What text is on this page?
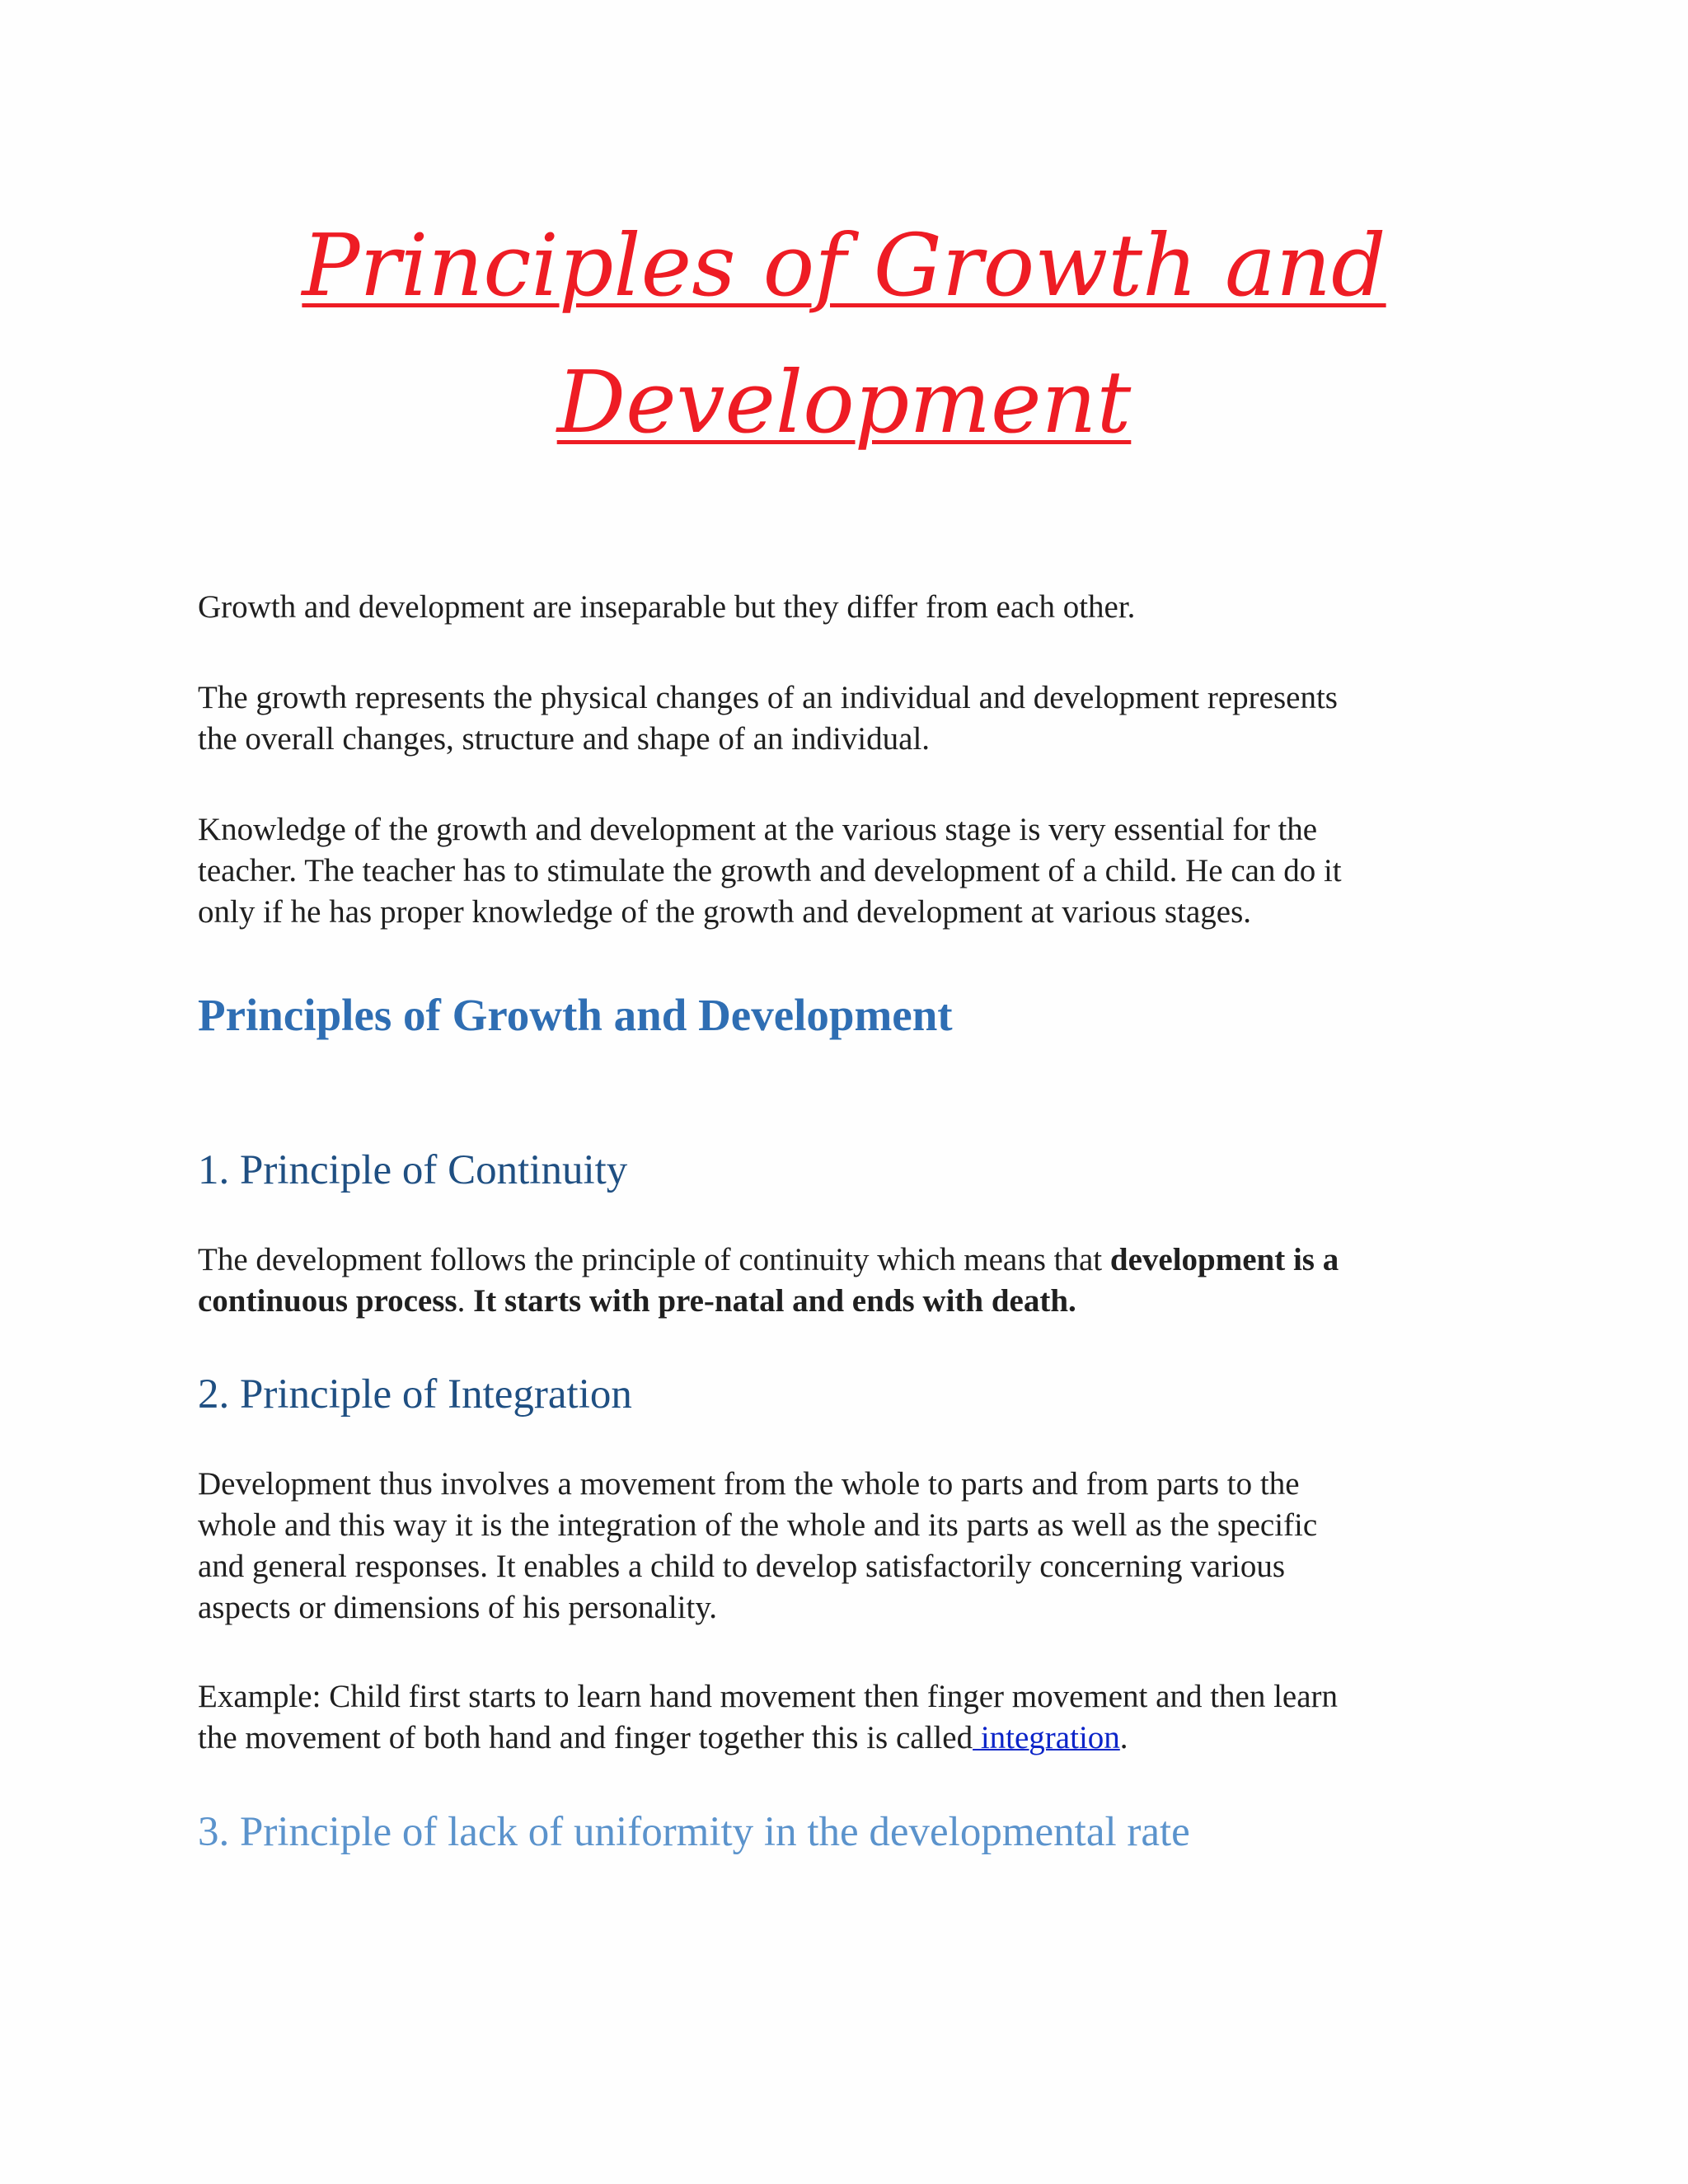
Principles of Growth and
Development

Growth and development are inseparable but they differ from each other.

The growth represents the physical changes of an individual and development represents
the overall changes, structure and shape of an individual.

Knowledge of the growth and development at the various stage is very essential for the
teacher. The teacher has to stimulate the growth and development of a child. He can do it
only if he has proper knowledge of the growth and development at various stages.

Principles of Growth and Development
1. Principle of Continuity

The development follows the principle of continuity which means that development is a
continuous process. It starts with pre-natal and ends with death.

2. Principle of Integration

Development thus involves a movement from the whole to parts and from parts to the
whole and this way it is the integration of the whole and its parts as well as the specific
and general responses. It enables a child to develop satisfactorily concerning various
aspects or dimensions of his personality.

Example: Child first starts to learn hand movement then finger movement and then learn
the movement of both hand and finger together this is called integration.

3. Principle of lack of uniformity in the developmental rate
